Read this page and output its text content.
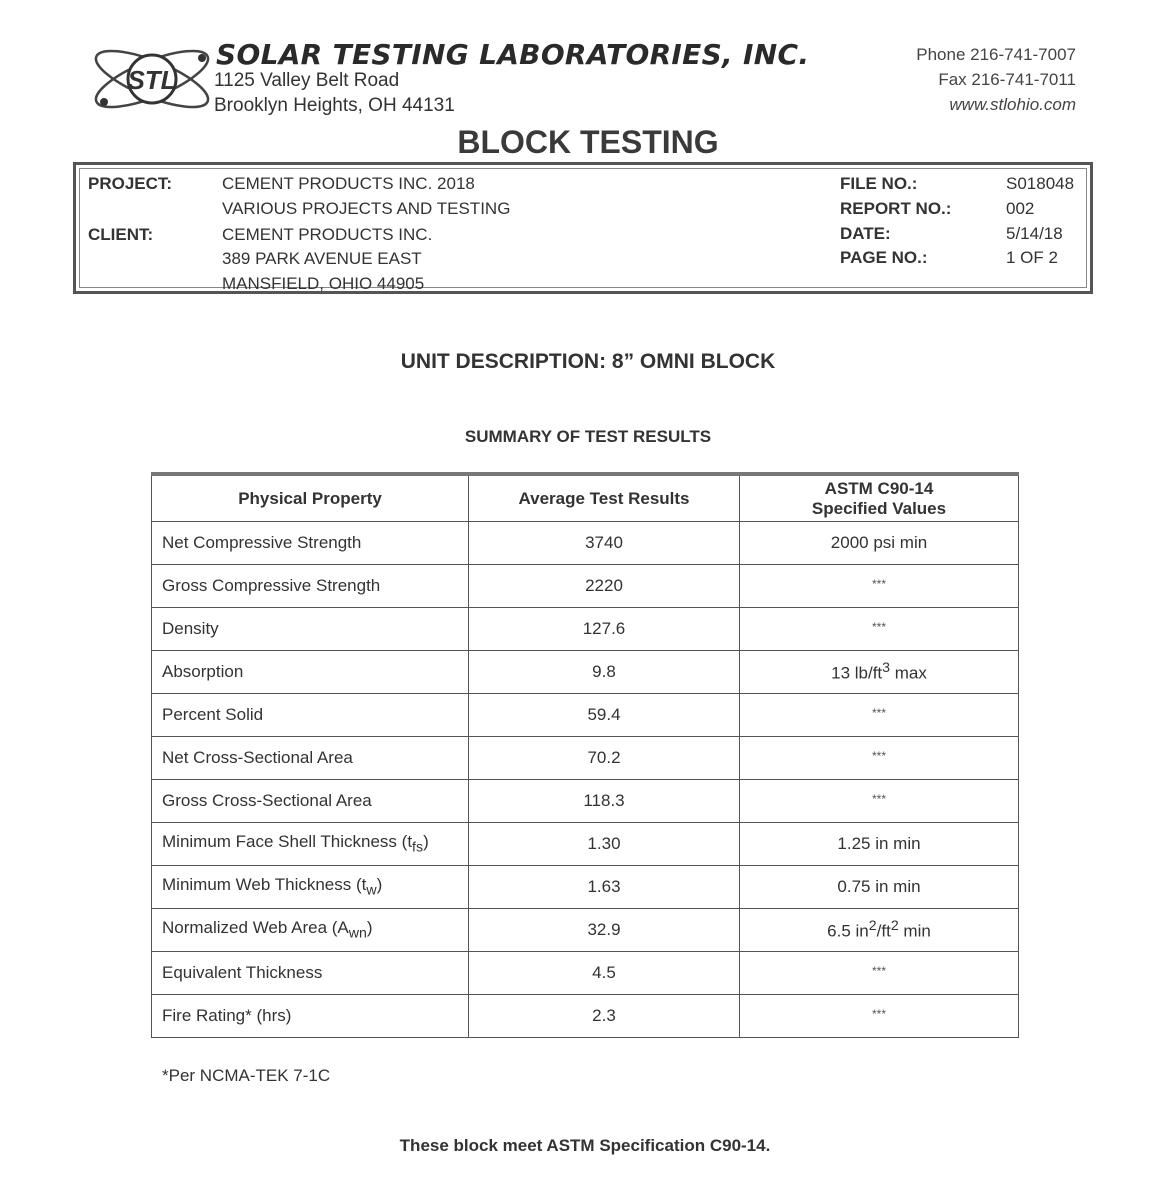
STL
SOLAR TESTING LABORATORIES, INC.
1125 Valley Belt Road
Brooklyn Heights, OH 44131
Phone 216-741-7007
Fax 216-741-7011
www.stlohio.com
BLOCK TESTING
PROJECT:	CEMENT PRODUCTS INC. 2018
VARIOUS PROJECTS AND TESTING
CLIENT:	CEMENT PRODUCTS INC.
389 PARK AVENUE EAST
MANSFIELD, OHIO 44905
FILE NO.:	S018048
REPORT NO.:	002
DATE:	5/14/18
PAGE NO.:	1 OF 2
UNIT DESCRIPTION: 8” OMNI BLOCK
SUMMARY OF TEST RESULTS
Physical Property	Average Test Results	ASTM C90-14
Specified Values

Net Compressive Strength	3740	2000 psi min
Gross Compressive Strength	2220	***
Density	127.6	***
Absorption	9.8	13 $lb/ft^3$ max
Percent Solid	59.4	***
Net Cross-Sectional Area	70.2	***
Gross Cross-Sectional Area	118.3	***
Minimum Face Shell Thickness $(t_{fs})$	1.30	1.25 in min
Minimum Web Thickness $(t_w)$	1.63	0.75 in min
Normalized Web Area $(A_{wn})$	32.9	6.5 $in^2/ft^2$ min
Equivalent Thickness	4.5	***
Fire Rating* (hrs)	2.3	***
*Per NCMA-TEK 7-1C
These block meet ASTM Specification C90-14.
